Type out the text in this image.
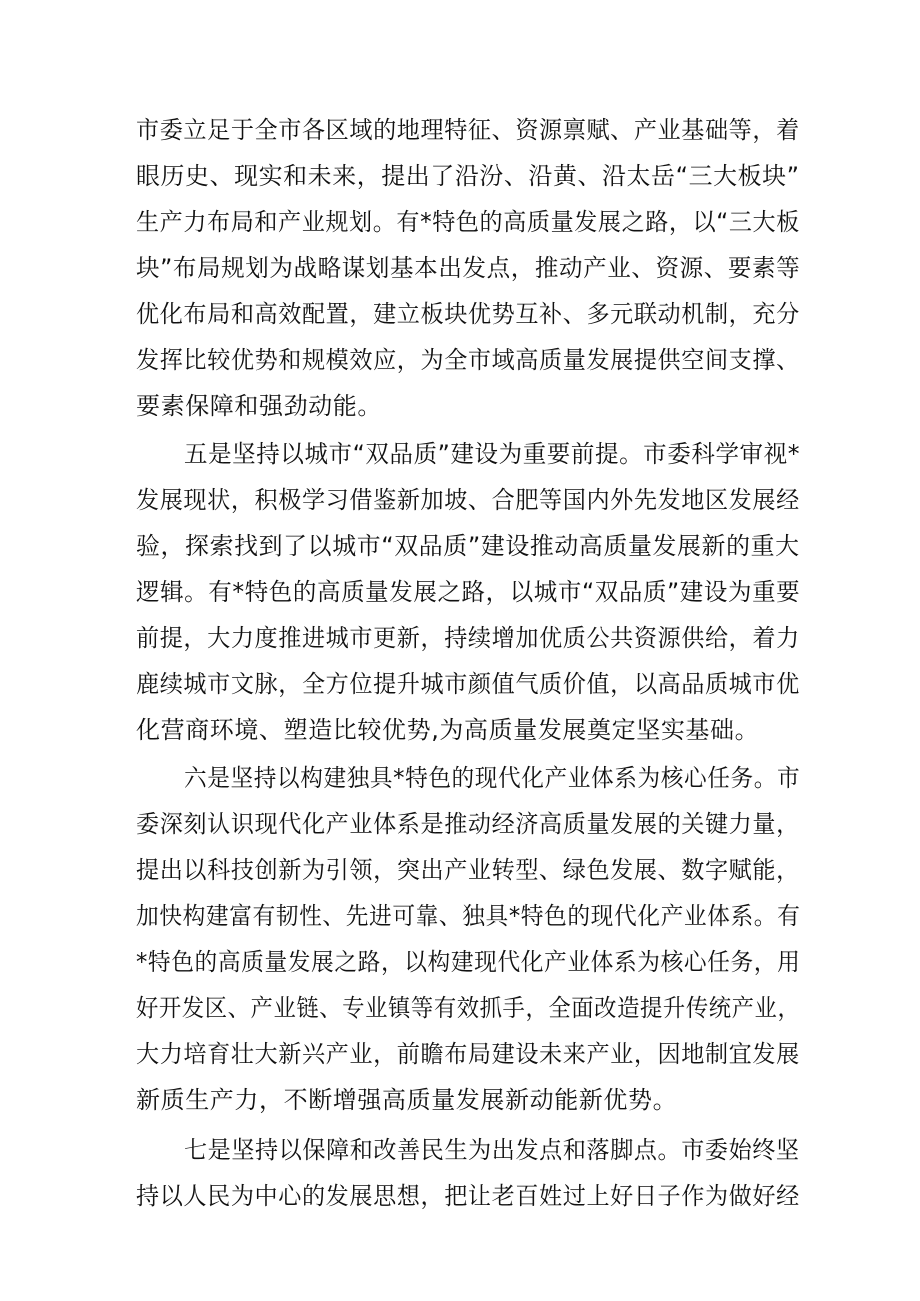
市委立足于全市各区域的地理特征、资源禀赋、产业基础等，着
眼历史、现实和未来，提出了沿汾、沿黄、沿太岳“三大板块”
生产力布局和产业规划。有*特色的高质量发展之路，以“三大板
块”布局规划为战略谋划基本出发点，推动产业、资源、要素等
优化布局和高效配置，建立板块优势互补、多元联动机制，充分
发挥比较优势和规模效应，为全市域高质量发展提供空间支撑、
要素保障和强劲动能。
五是坚持以城市“双品质”建设为重要前提。市委科学审视*
发展现状，积极学习借鉴新加坡、合肥等国内外先发地区发展经
验，探索找到了以城市“双品质”建设推动高质量发展新的重大
逻辑。有*特色的高质量发展之路，以城市“双品质”建设为重要
前提，大力度推进城市更新，持续增加优质公共资源供给，着力
鹿续城市文脉，全方位提升城市颜值气质价值，以高品质城市优
化营商环境、塑造比较优势,为高质量发展奠定坚实基础。
六是坚持以构建独具*特色的现代化产业体系为核心任务。市
委深刻认识现代化产业体系是推动经济高质量发展的关键力量，
提出以科技创新为引领，突出产业转型、绿色发展、数字赋能，
加快构建富有韧性、先进可靠、独具*特色的现代化产业体系。有
*特色的高质量发展之路，以构建现代化产业体系为核心任务，用
好开发区、产业链、专业镇等有效抓手，全面改造提升传统产业，
大力培育壮大新兴产业，前瞻布局建设未来产业，因地制宜发展
新质生产力，不断增强高质量发展新动能新优势。
七是坚持以保障和改善民生为出发点和落脚点。市委始终坚
持以人民为中心的发展思想，把让老百姓过上好日子作为做好经
